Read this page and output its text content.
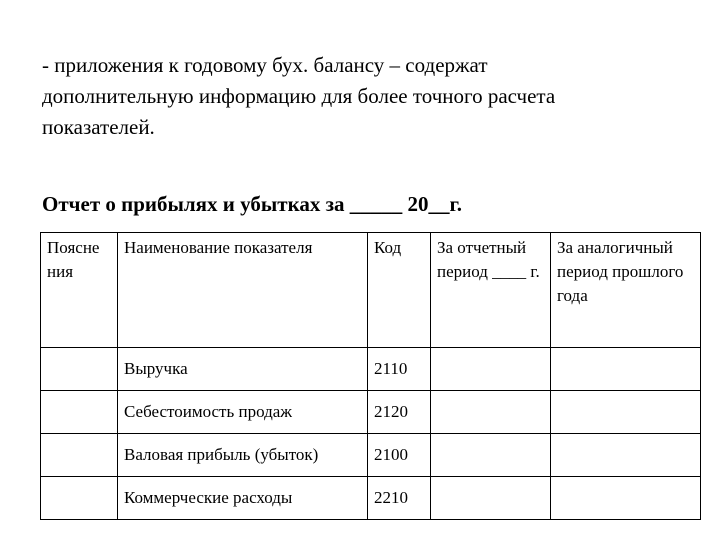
- приложения к годовому бух. балансу – содержат
дополнительную информацию для более точного расчета
показателей.

Отчет о прибылях и убытках за _____ 20__г.

Поясне ния	Наименование показателя	Код	За отчетный период ____ г.	За аналогичный период прошлого года
	Выручка	2110		
	Себестоимость продаж	2120		
	Валовая прибыль (убыток)	2100		
	Коммерческие расходы	2210		
